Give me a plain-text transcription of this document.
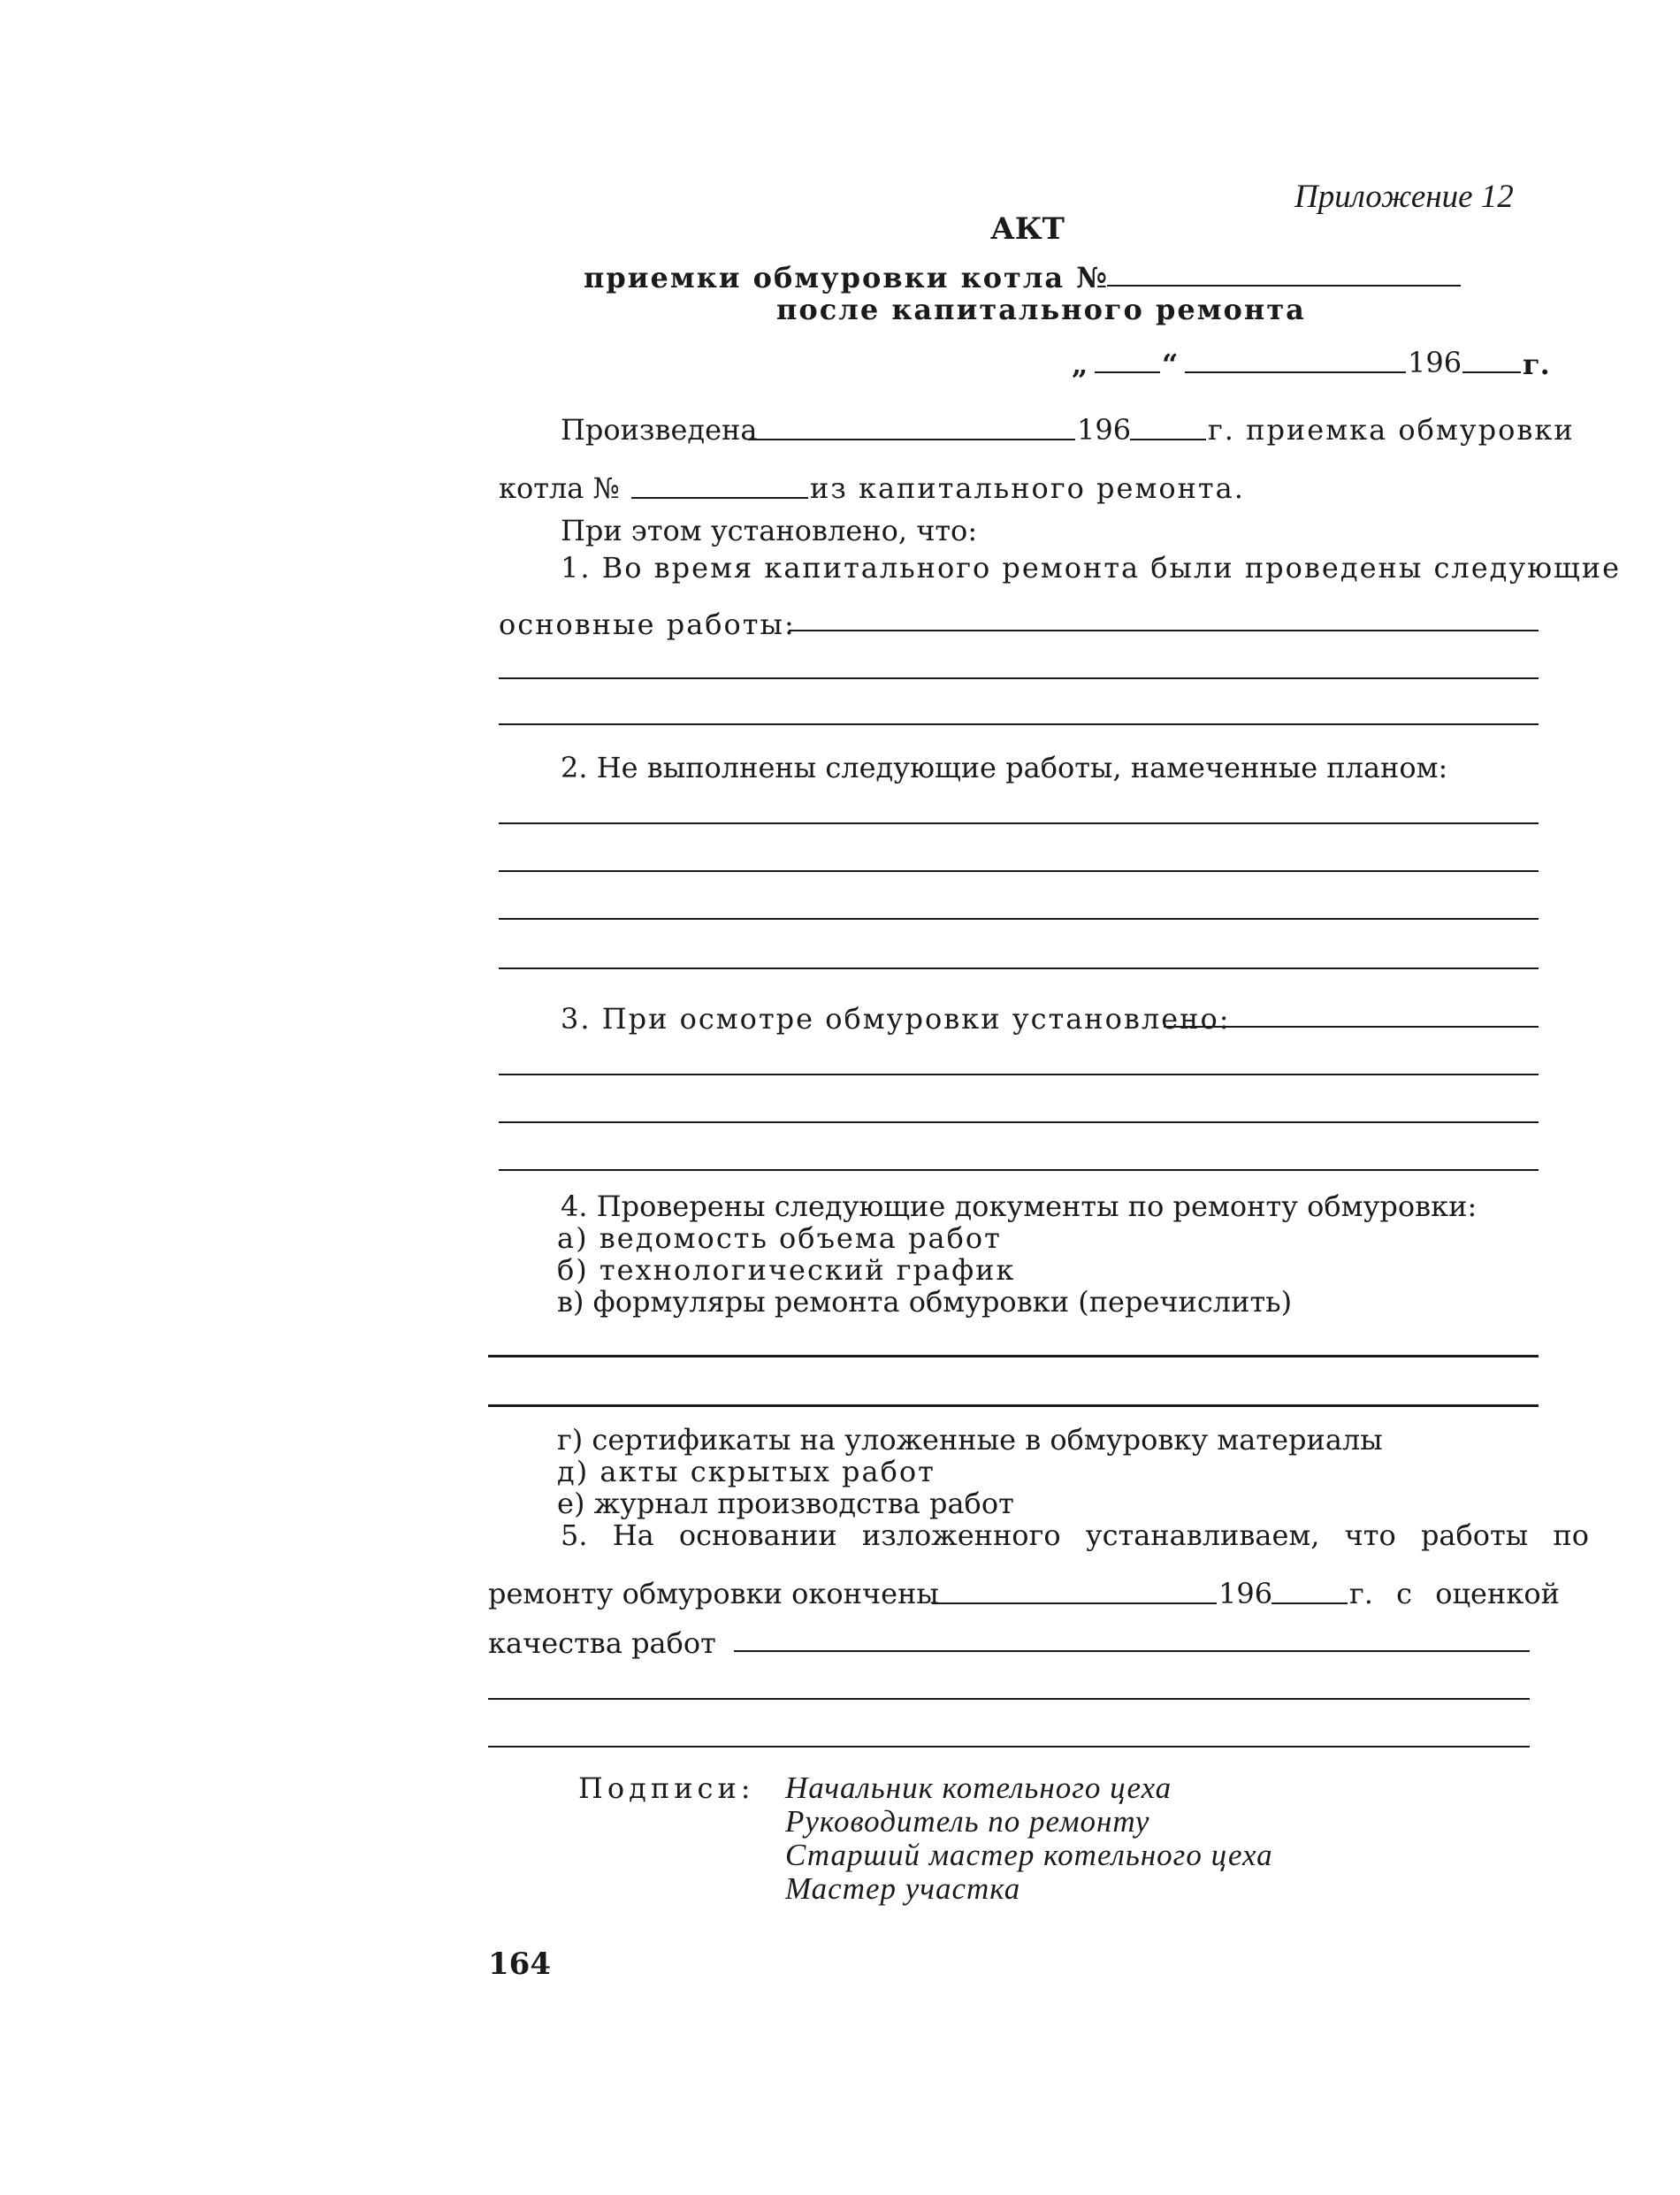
Приложение 12
АКТ
приемки обмуровки котла №
после капитального ремонта
„	“	196 г.
Произведена	196	г. приемка обмуровки
котла №	из капитального ремонта.
При этом установлено, что:
1. Во время капитального ремонта были проведены следующие
основные работы:
2. Не выполнены следующие работы, намеченные планом:
3. При осмотре обмуровки установлено:
4. Проверены следующие документы по ремонту обмуровки:
а) ведомость объема работ
б) технологический график
в) формуляры ремонта обмуровки (перечислить)
г) сертификаты на уложенные в обмуровку материалы
д) акты скрытых работ
е) журнал производства работ
5. На основании изложенного устанавливаем, что работы по
ремонту обмуровки окончены	196	г. с оценкой
качества работ
Подписи: Начальник котельного цеха
Руководитель по ремонту
Старший мастер котельного цеха
Мастер участка
164
